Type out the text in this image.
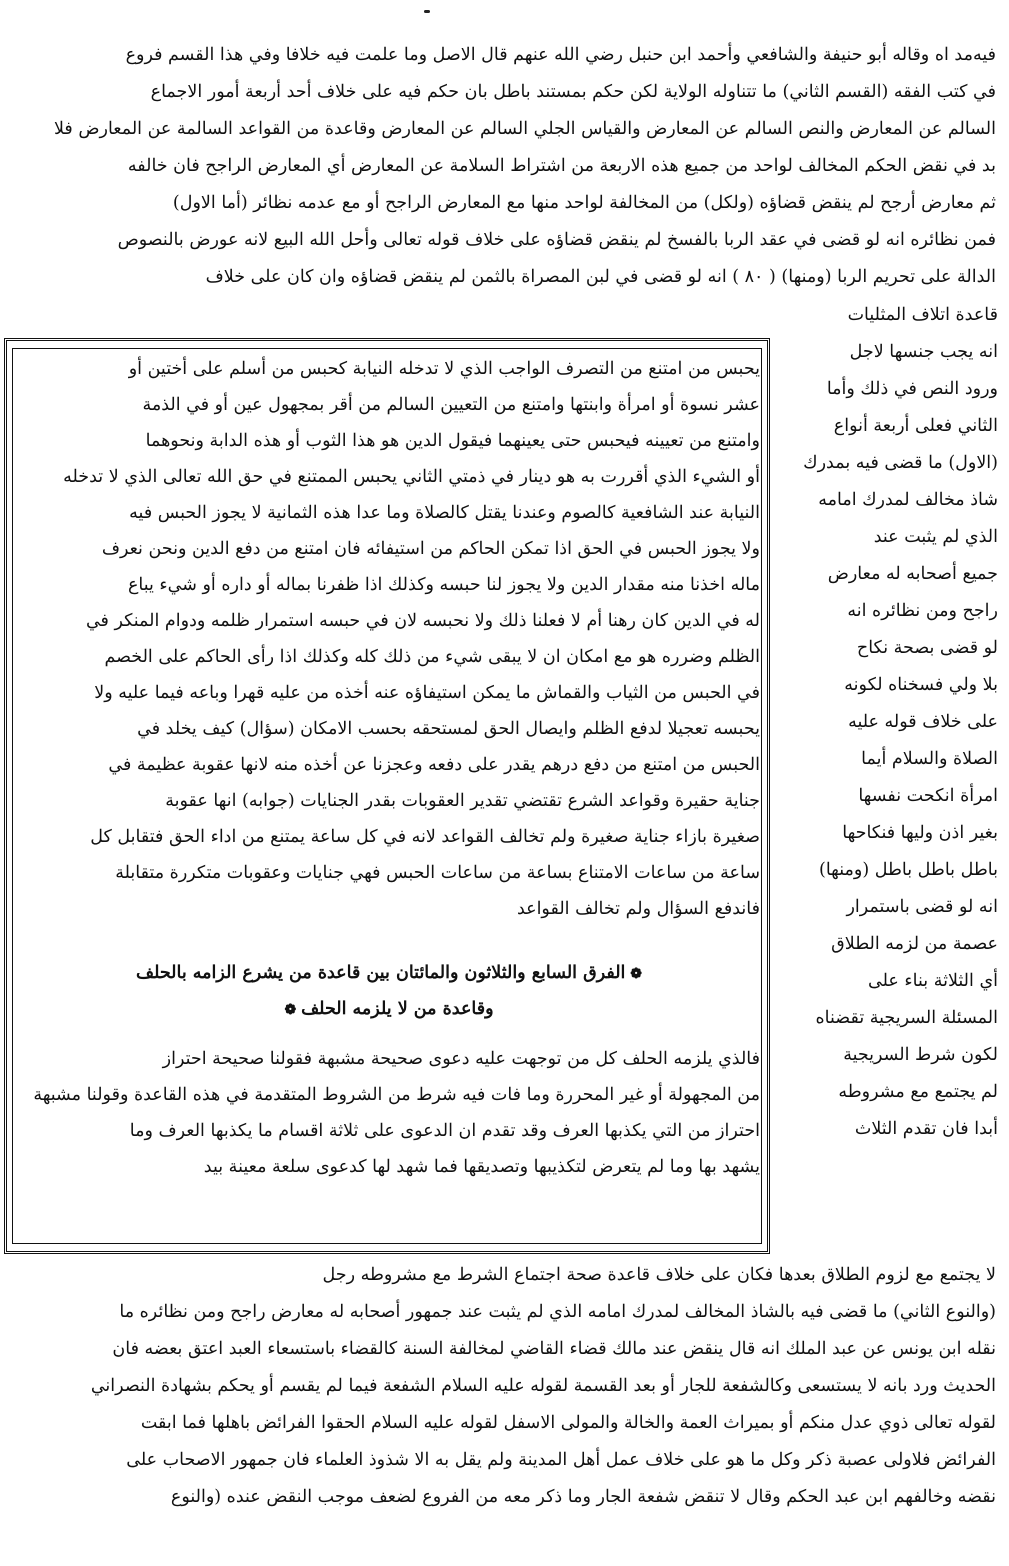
فيه‌مد اه وقاله أبو حنيفة والشافعي وأحمد ابن حنبل رضي الله عنهم قال الاصل وما علمت فيه خلافا وفي هذا القسم فروع
في كتب الفقه (القسم الثاني) ما تتناوله الولاية لكن حكم بمستند باطل بان حكم فيه على خلاف أحد أربعة أمور الاجماع
السالم عن المعارض والنص السالم عن المعارض والقياس الجلي السالم عن المعارض وقاعدة من القواعد السالمة عن المعارض فلا
بد في نقض الحكم المخالف لواحد من جميع هذه الاربعة من اشتراط السلامة عن المعارض أي المعارض الراجح فان خالفه
ثم معارض أرجح لم ينقض قضاؤه (ولكل) من المخالفة لواحد منها مع المعارض الراجح أو مع عدمه نظائر (أما الاول)
فمن نظائره انه لو قضى في عقد الربا بالفسخ لم ينقض قضاؤه على خلاف قوله تعالى وأحل الله البيع لانه عورض بالنصوص
الدالة على تحريم الربا (ومنها) ( ٨٠ ) انه لو قضى في لبن المصراة بالثمن لم ينقض قضاؤه وان كان على خلاف
قاعدة اتلاف المثليات
انه يجب جنسها لاجل
ورود النص في ذلك وأما
الثاني فعلى أربعة أنواع
(الاول) ما قضى فيه بمدرك
شاذ مخالف لمدرك امامه
الذي لم يثبت عند
جميع أصحابه له معارض
راجح ومن نظائره انه
لو قضى بصحة نكاح
بلا ولي فسخناه لكونه
على خلاف قوله عليه
الصلاة والسلام أيما
امرأة انكحت نفسها
بغير اذن وليها فنكاحها
باطل باطل باطل (ومنها)
انه لو قضى باستمرار
عصمة من لزمه الطلاق
أي الثلاثة بناء على
المسئلة السريجية تقضناه
لكون شرط السريجية
لم يجتمع مع مشروطه
أبدا فان تقدم الثلاث
يحبس من امتنع من التصرف الواجب الذي لا تدخله النيابة كحبس من أسلم على أختين أو
عشر نسوة أو امرأة وابنتها وامتنع من التعيين السالم من أقر بمجهول عين أو في الذمة
وامتنع من تعيينه فيحبس حتى يعينهما فيقول الدين هو هذا الثوب أو هذه الدابة ونحوهما
أو الشيء الذي أقررت به هو دينار في ذمتي الثاني يحبس الممتنع في حق الله تعالى الذي لا تدخله
النيابة عند الشافعية كالصوم وعندنا يقتل كالصلاة وما عدا هذه الثمانية لا يجوز الحبس فيه
ولا يجوز الحبس في الحق اذا تمكن الحاكم من استيفائه فان امتنع من دفع الدين ونحن نعرف
ماله اخذنا منه مقدار الدين ولا يجوز لنا حبسه وكذلك اذا ظفرنا بماله أو داره أو شيء يباع
له في الدين كان رهنا أم لا فعلنا ذلك ولا نحبسه لان في حبسه استمرار ظلمه ودوام المنكر في
الظلم وضرره هو مع امكان ان لا يبقى شيء من ذلك كله وكذلك اذا رأى الحاكم على الخصم
في الحبس من الثياب والقماش ما يمكن استيفاؤه عنه أخذه من عليه قهرا وباعه فيما عليه ولا
يحبسه تعجيلا لدفع الظلم وايصال الحق لمستحقه بحسب الامكان (سؤال) كيف يخلد في
الحبس من امتنع من دفع درهم يقدر على دفعه وعجزنا عن أخذه منه لانها عقوبة عظيمة في
جناية حقيرة وقواعد الشرع تقتضي تقدير العقوبات بقدر الجنايات (جوابه) انها عقوبة
صغيرة بازاء جناية صغيرة ولم تخالف القواعد لانه في كل ساعة يمتنع من اداء الحق فتقابل كل
ساعة من ساعات الامتناع بساعة من ساعات الحبس فهي جنايات وعقوبات متكررة متقابلة
فاندفع السؤال ولم تخالف القواعد
❁ الفرق السابع والثلاثون والمائتان بين قاعدة من يشرع الزامه بالحلف
وقاعدة من لا يلزمه الحلف ❁
فالذي يلزمه الحلف كل من توجهت عليه دعوى صحيحة مشبهة فقولنا صحيحة احتراز
من المجهولة أو غير المحررة وما فات فيه شرط من الشروط المتقدمة في هذه القاعدة وقولنا مشبهة
احتراز من التي يكذبها العرف وقد تقدم ان الدعوى على ثلاثة اقسام ما يكذبها العرف وما
يشهد بها وما لم يتعرض لتكذيبها وتصديقها فما شهد لها كدعوى سلعة معينة بيد
لا يجتمع مع لزوم الطلاق بعدها فكان على خلاف قاعدة صحة اجتماع الشرط مع مشروطه رجل
(والنوع الثاني) ما قضى فيه بالشاذ المخالف لمدرك امامه الذي لم يثبت عند جمهور أصحابه له معارض راجح ومن نظائره ما
نقله ابن يونس عن عبد الملك انه قال ينقض عند مالك قضاء القاضي لمخالفة السنة كالقضاء باستسعاء العبد اعتق بعضه فان
الحديث ورد بانه لا يستسعى وكالشفعة للجار أو بعد القسمة لقوله عليه السلام الشفعة فيما لم يقسم أو يحكم بشهادة النصراني
لقوله تعالى ذوي عدل منكم أو بميراث العمة والخالة والمولى الاسفل لقوله عليه السلام الحقوا الفرائض باهلها فما ابقت
الفرائض فلاولى عصبة ذكر وكل ما هو على خلاف عمل أهل المدينة ولم يقل به الا شذوذ العلماء فان جمهور الاصحاب على
نقضه وخالفهم ابن عبد الحكم وقال لا تنقض شفعة الجار وما ذكر معه من الفروع لضعف موجب النقض عنده (والنوع
